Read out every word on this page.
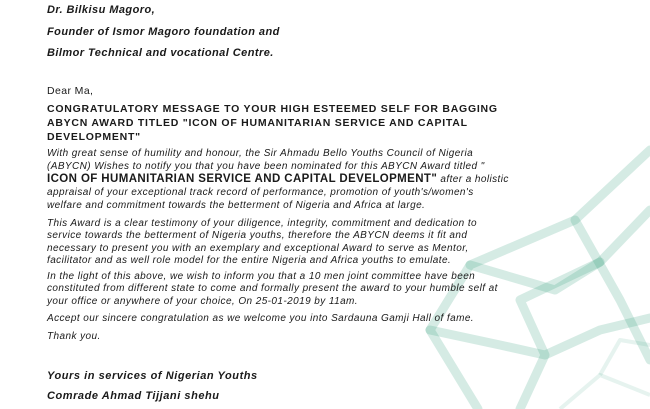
Dr. Bilkisu Magoro,
Founder of Ismor Magoro foundation and
Bilmor Technical and vocational Centre.
Dear Ma,
CONGRATULATORY MESSAGE TO YOUR HIGH ESTEEMED SELF FOR BAGGING
ABYCN AWARD TITLED "ICON OF HUMANITARIAN SERVICE AND CAPITAL
DEVELOPMENT"
With great sense of humility and honour, the Sir Ahmadu Bello Youths Council of Nigeria
(ABYCN) Wishes to notify you that you have been nominated for this ABYCN Award titled "
ICON OF HUMANITARIAN SERVICE AND CAPITAL DEVELOPMENT" after a holistic
appraisal of your exceptional track record of performance, promotion of youth's/women's
welfare and commitment towards the betterment of Nigeria and Africa at large.
This Award is a clear testimony of your diligence, integrity, commitment and dedication to
service towards the betterment of Nigeria youths, therefore the ABYCN deems it fit and
necessary to present you with an exemplary and exceptional Award to serve as Mentor,
facilitator and as well role model for the entire Nigeria and Africa youths to emulate.
In the light of this above, we wish to inform you that a 10 men joint committee have been
constituted from different state to come and formally present the award to your humble self at
your office or anywhere of your choice, On 25-01-2019 by 11am.
Accept our sincere congratulation as we welcome you into Sardauna Gamji Hall of fame.
Thank you.
Yours in services of Nigerian Youths
Comrade Ahmad Tijjani shehu
